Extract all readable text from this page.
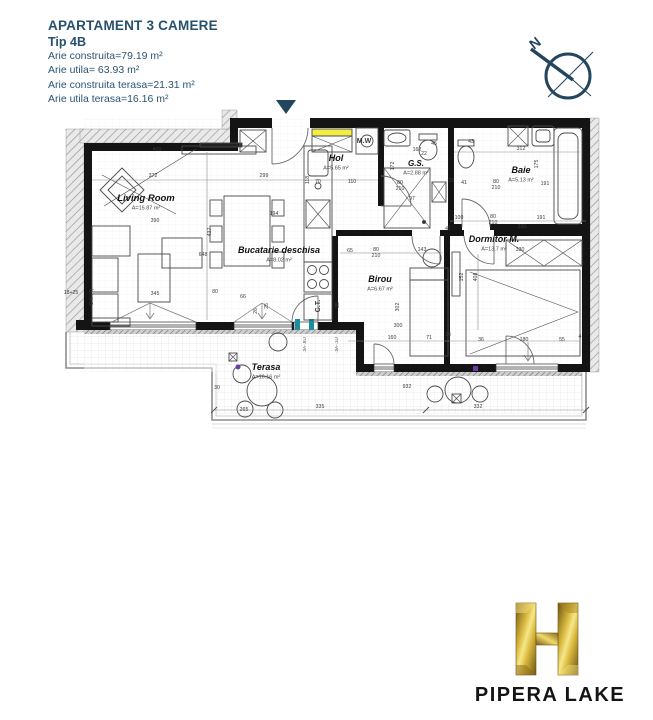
APARTAMENT 3 CAMERE
Tip 4B
Arie construita=79.19 m²
Arie utila= 63.93 m²
Arie construita terasa=21.31 m²
Arie utila terasa=16.16 m²
N
Living Room
A=15.87 m²
Hol
A=5.65 m²
G.S.
A=2.88 m²	Baie
A=5.13 m²
Bucatarie deschisa
A=8.02 m²
Birou
A=6.67 m²
Dormitor M.
A=13.7 m²
Terasa
A=16.16 m²
M.W
C.T.
400
372	299
194
437
648
390
345	80
66
26
118 70	110
172
162
80
210
41
29
45	43
22
312
175
191
80
210
97
100
41
80
210
191
330
330
408
152
65	80
210
143
302
300
160	71	14
36	180	55	4
335	332
265
30	932
18+25 GW (T)
25	25
.3A-.8U	.3A-.1U
PIPERA LAKE
